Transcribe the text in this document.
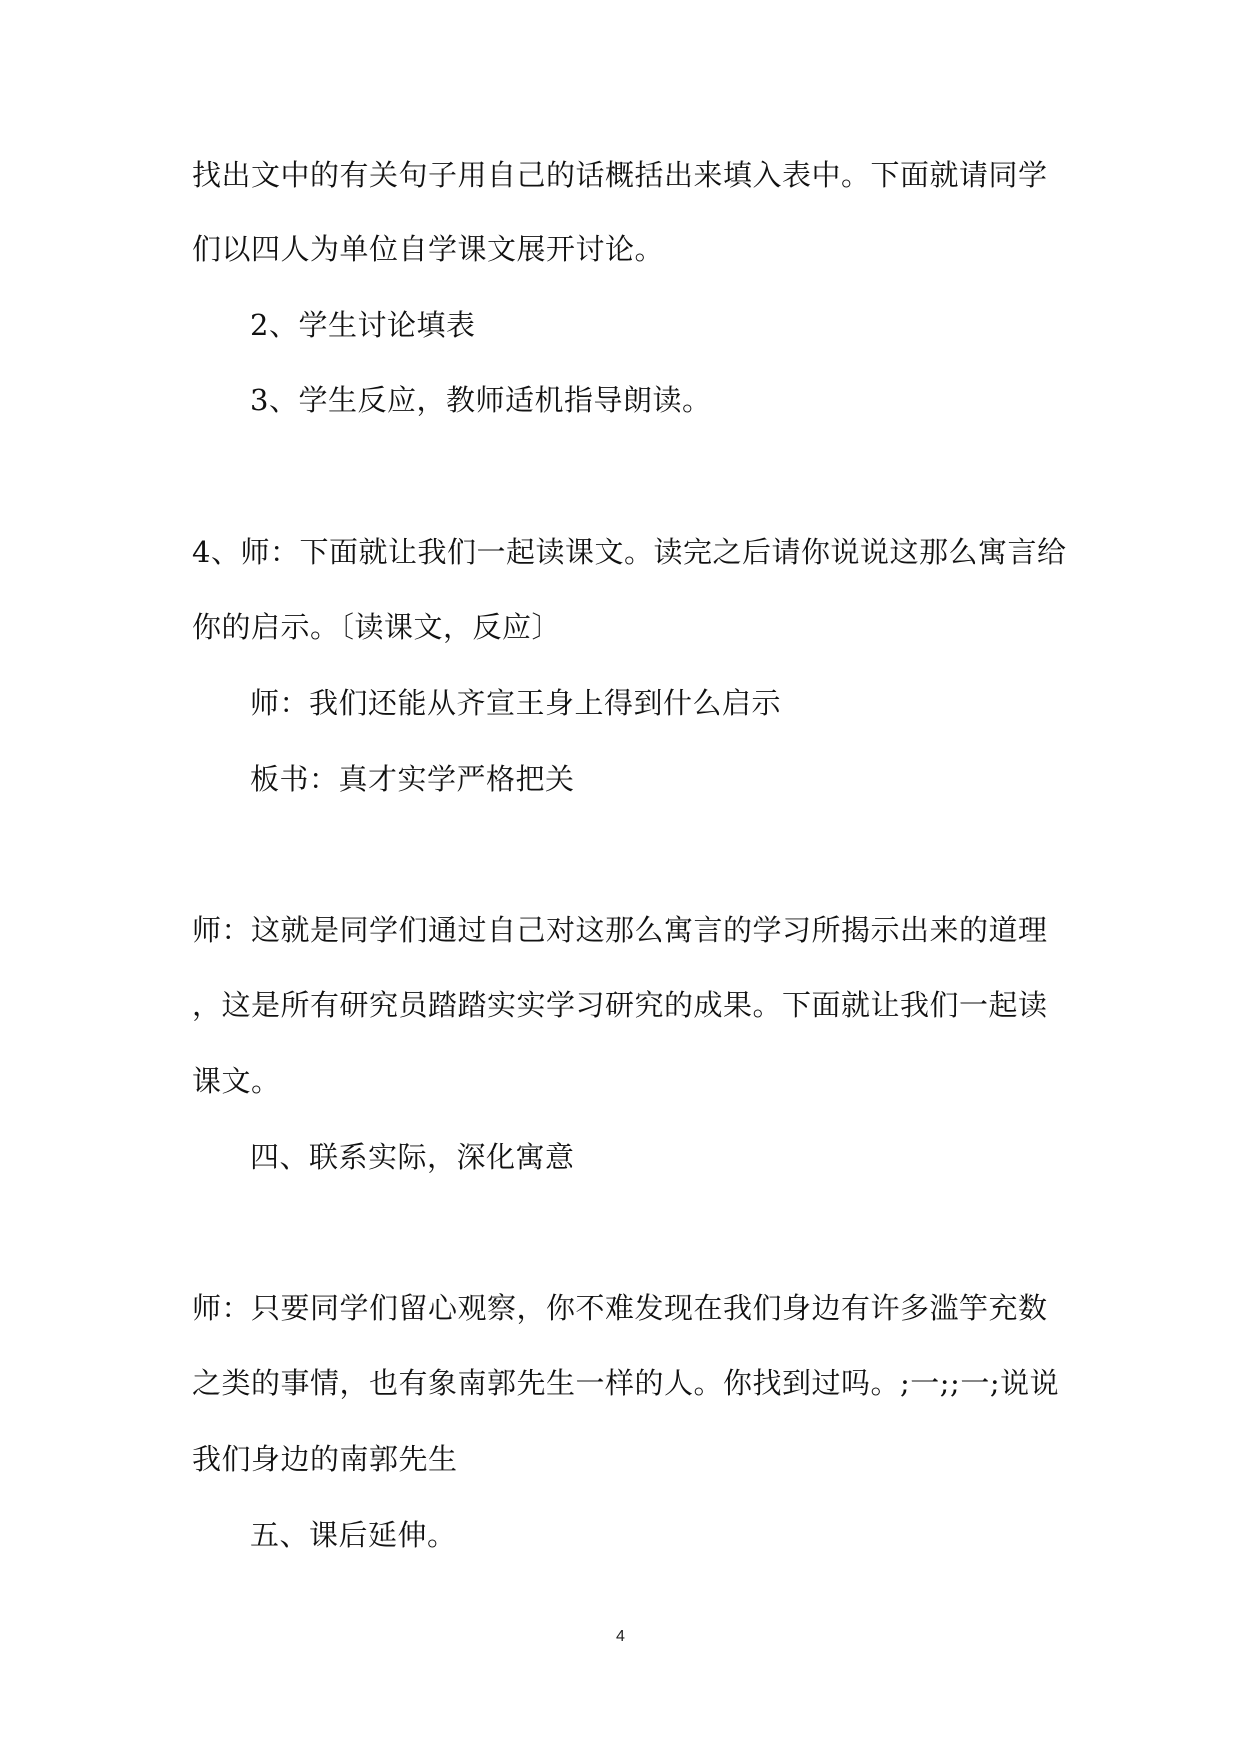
找出文中的有关句子用自己的话概括出来填入表中。下面就请同学
们以四人为单位自学课文展开讨论。
2、学生讨论填表
3、学生反应，教师适机指导朗读。
4、师：下面就让我们一起读课文。读完之后请你说说这那么寓言给
你的启示。〔读课文，反应〕
师：我们还能从齐宣王身上得到什么启示
板书：真才实学严格把关
师：这就是同学们通过自己对这那么寓言的学习所揭示出来的道理
，这是所有研究员踏踏实实学习研究的成果。下面就让我们一起读
课文。
四、联系实际，深化寓意
师：只要同学们留心观察，你不难发现在我们身边有许多滥竽充数
之类的事情，也有象南郭先生一样的人。你找到过吗。;一;;一;说说
我们身边的南郭先生
五、课后延伸。
4
